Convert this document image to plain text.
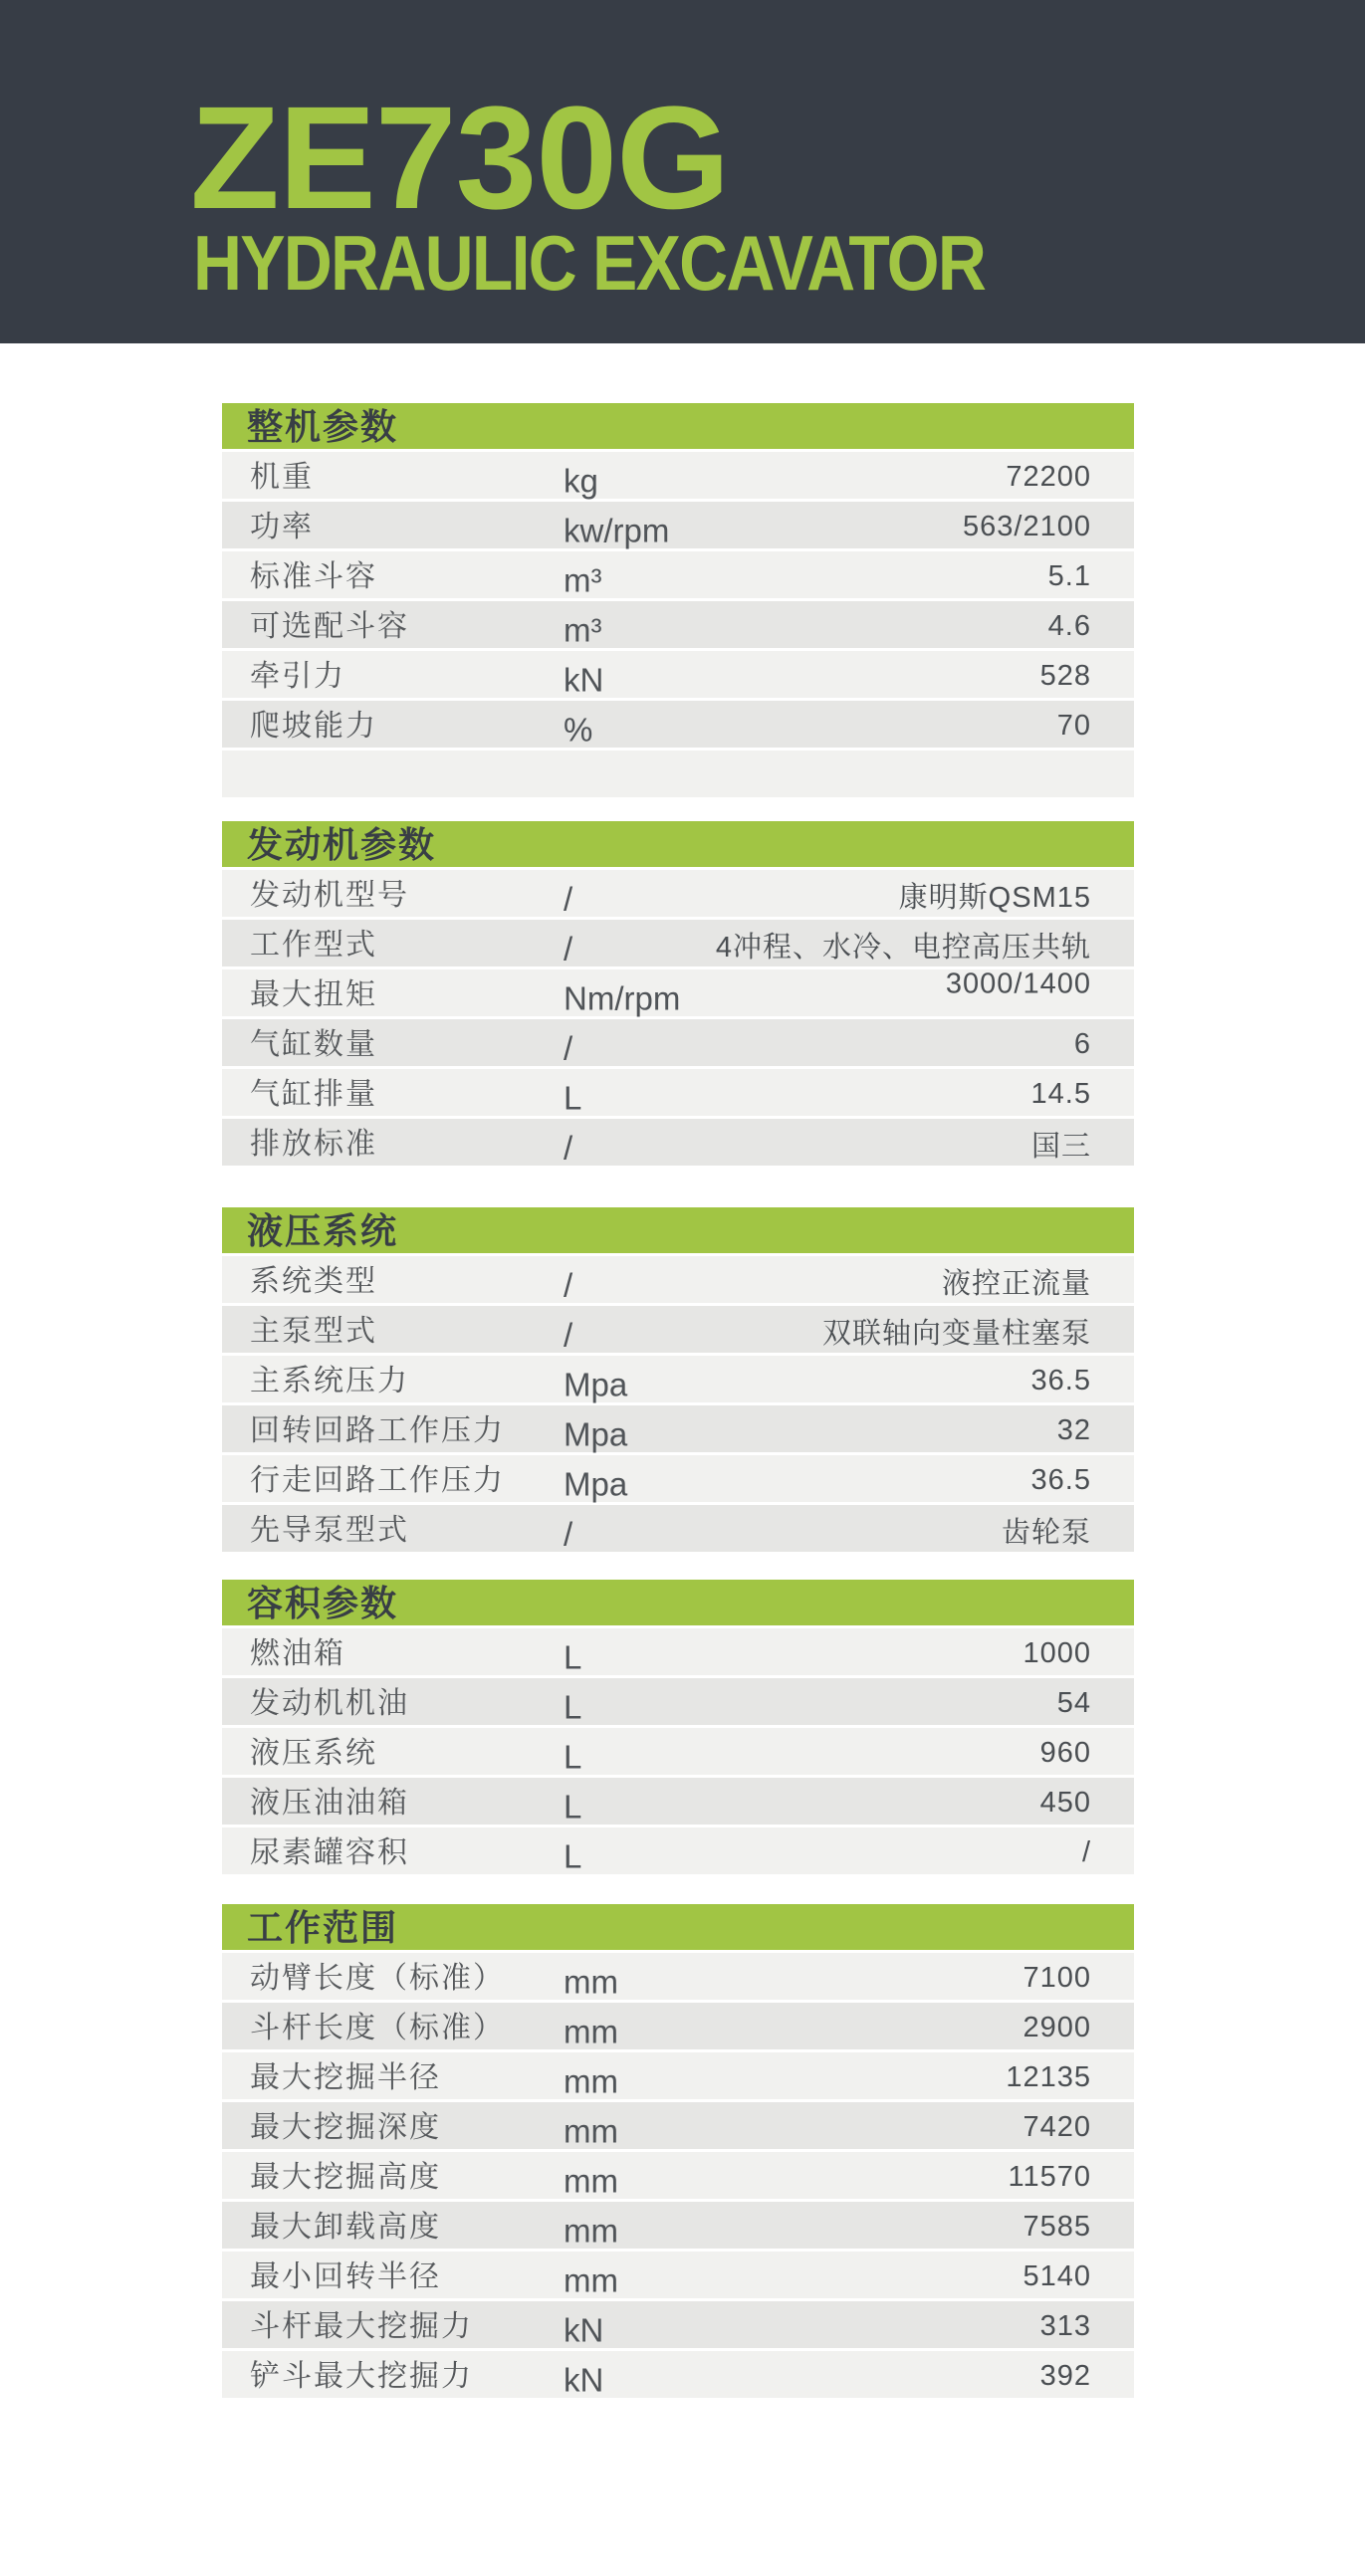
ZE730G
HYDRAULIC EXCAVATOR
整机参数
机重	kg	72200
功率	kw/rpm	563/2100
标准斗容	m³	5.1
可选配斗容	m³	4.6
牵引力	kN	528
爬坡能力	%	70
发动机参数
发动机型号	/	康明斯QSM15
工作型式	/	4冲程、水冷、电控高压共轨
最大扭矩	Nm/rpm	3000/1400
气缸数量	/	6
气缸排量	L	14.5
排放标准	/	国三
液压系统
系统类型	/	液控正流量
主泵型式	/	双联轴向变量柱塞泵
主系统压力	Mpa	36.5
回转回路工作压力 Mpa	32
行走回路工作压力 Mpa	36.5
先导泵型式	/	齿轮泵
容积参数
燃油箱	L	1000
发动机机油	L	54
液压系统	L	960
液压油油箱	L	450
尿素罐容积	L	/
工作范围
动臂长度（标准） mm	7100
斗杆长度（标准） mm	2900
最大挖掘半径	mm	12135
最大挖掘深度	mm	7420
最大挖掘高度	mm	11570
最大卸载高度	mm	7585
最小回转半径	mm	5140
斗杆最大挖掘力	kN	313
铲斗最大挖掘力	kN	392
